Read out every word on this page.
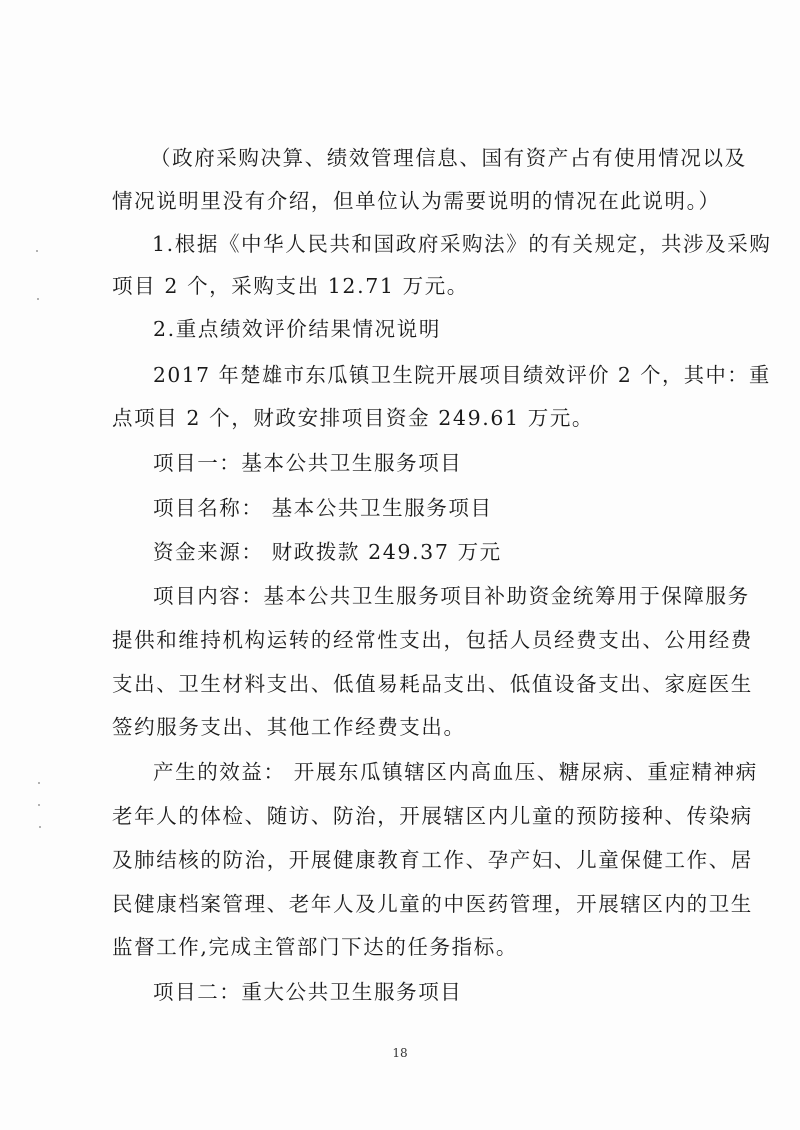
（政府采购决算、绩效管理信息、国有资产占有使用情况以及
情况说明里没有介绍，但单位认为需要说明的情况在此说明。）
1.根据《中华人民共和国政府采购法》的有关规定，共涉及采购
项目 2 个，采购支出 12.71 万元。
2.重点绩效评价结果情况说明
2017 年楚雄市东瓜镇卫生院开展项目绩效评价 2 个，其中：重
点项目 2 个，财政安排项目资金 249.61 万元。
项目一：基本公共卫生服务项目
项目名称： 基本公共卫生服务项目
资金来源： 财政拨款 249.37 万元
项目内容：基本公共卫生服务项目补助资金统筹用于保障服务
提供和维持机构运转的经常性支出，包括人员经费支出、公用经费
支出、卫生材料支出、低值易耗品支出、低值设备支出、家庭医生
签约服务支出、其他工作经费支出。
产生的效益： 开展东瓜镇辖区内高血压、糖尿病、重症精神病
老年人的体检、随访、防治，开展辖区内儿童的预防接种、传染病
及肺结核的防治，开展健康教育工作、孕产妇、儿童保健工作、居
民健康档案管理、老年人及儿童的中医药管理，开展辖区内的卫生
监督工作,完成主管部门下达的任务指标。
项目二：重大公共卫生服务项目
18
